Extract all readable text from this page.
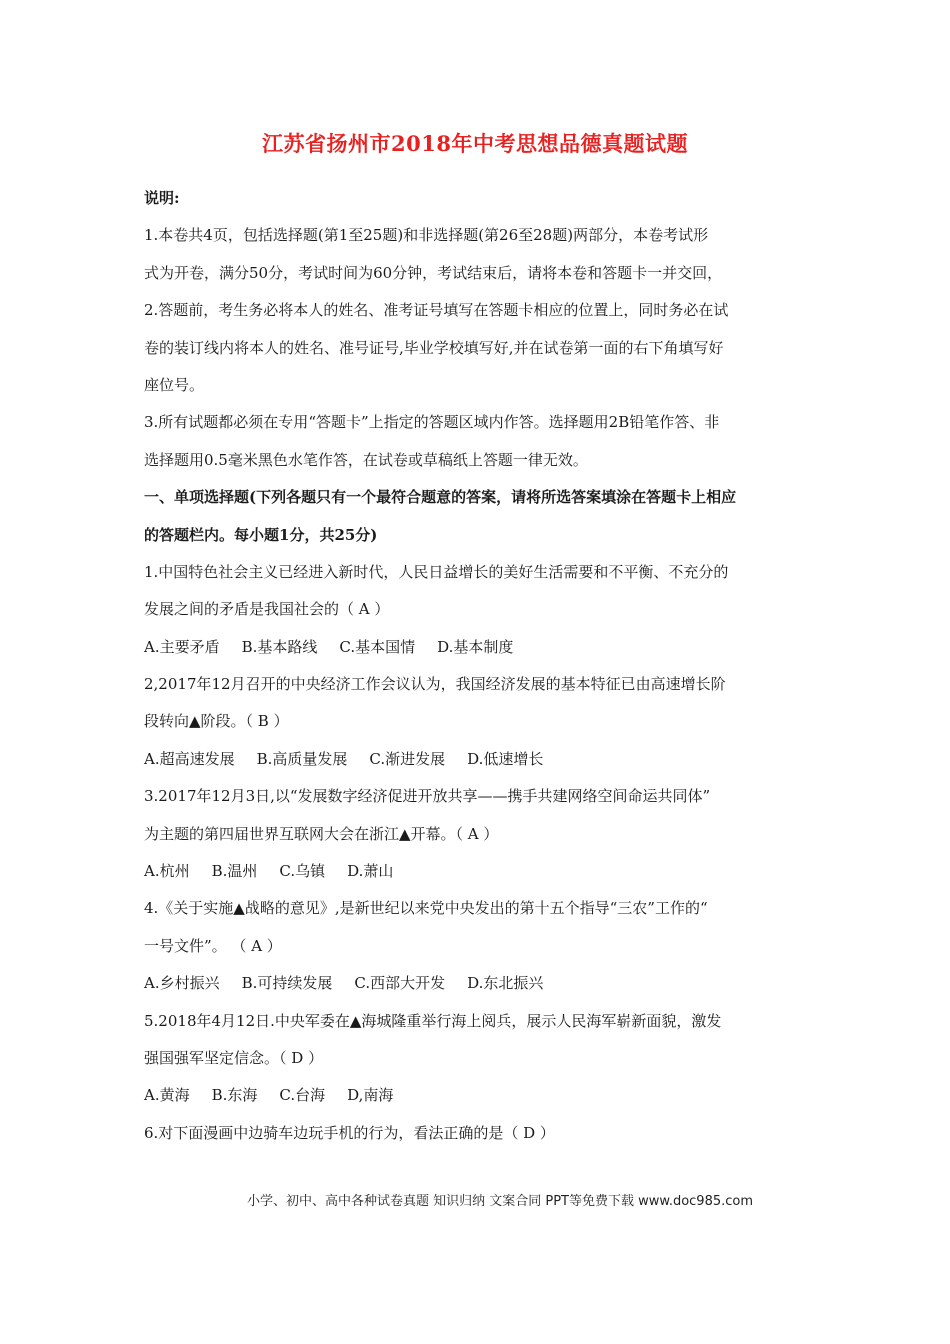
江苏省扬州市2018年中考思想品德真题试题
说明:
1.本卷共4页，包括选择题(第1至25题)和非选择题(第26至28题)两部分，本卷考试形
式为开卷，满分50分，考试时间为60分钟，考试结束后，请将本卷和答题卡一并交回，
2.答题前，考生务必将本人的姓名、准考证号填写在答题卡相应的位置上，同时务必在试
卷的装订线内将本人的姓名、准号证号,毕业学校填写好,并在试卷第一面的右下角填写好
座位号。
3.所有试题都必须在专用“答题卡”上指定的答题区域内作答。选择题用2B铅笔作答、非
选择题用0.5毫米黑色水笔作答，在试卷或草稿纸上答题一律无效。
一、单项选择题(下列各题只有一个最符合题意的答案，请将所选答案填涂在答题卡上相应
的答题栏内。每小题1分，共25分)
1.中国特色社会主义已经进入新时代，人民日益增长的美好生活需要和不平衡、不充分的
发展之间的矛盾是我国社会的（ A ）
A.主要矛盾 B.基本路线 C.基本国情 D.基本制度
2,2017年12月召开的中央经济工作会议认为，我国经济发展的基本特征已由高速增长阶
段转向▲阶段。（ B ）
A.超高速发展 B.高质量发展 C.渐进发展 D.低速增长
3.2017年12月3日,以“发展数字经济促进开放共享——携手共建网络空间命运共同体”
为主题的第四届世界互联网大会在浙江▲开幕。（ A ）
A.杭州 B.温州 C.乌镇 D.萧山
4.《关于实施▲战略的意见》,是新世纪以来党中央发出的第十五个指导“三农”工作的“
一号文件”。 （ A ）
A.乡村振兴 B.可持续发展 C.西部大开发 D.东北振兴
5.2018年4月12日.中央军委在▲海城隆重举行海上阅兵，展示人民海军崭新面貌，激发
强国强军坚定信念。（ D ）
A.黄海 B.东海 C.台海 D,南海
6.对下面漫画中边骑车边玩手机的行为，看法正确的是（ D ）
小学、初中、高中各种试卷真题 知识归纳 文案合同 PPT等免费下载 www.doc985.com
